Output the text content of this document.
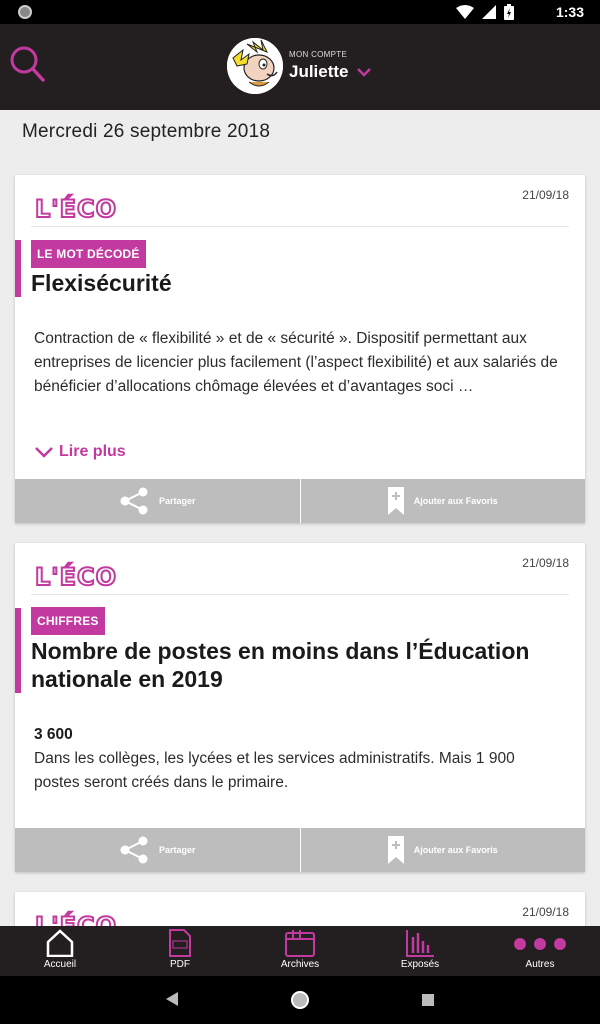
1:33
MON COMPTE
Juliette
Mercredi 26 septembre 2018
L'ÉCO	21/09/18
LE MOT DÉCODÉ
Flexisécurité
Contraction de « flexibilité » et de « sécurité ». Dispositif permettant aux entreprises de licencier plus facilement (l’aspect flexibilité) et aux salariés de bénéficier d’allocations chômage élevées et d’avantages soci …
Lire plus
Partager	Ajouter aux Favoris
L'ÉCO	21/09/18
CHIFFRES
Nombre de postes en moins dans l’Éducation nationale en 2019
3 600
Dans les collèges, les lycées et les services administratifs. Mais 1 900 postes seront créés dans le primaire.
Partager	Ajouter aux Favoris
21/09/18
Accueil	PDF	Archives	Exposés	Autres
